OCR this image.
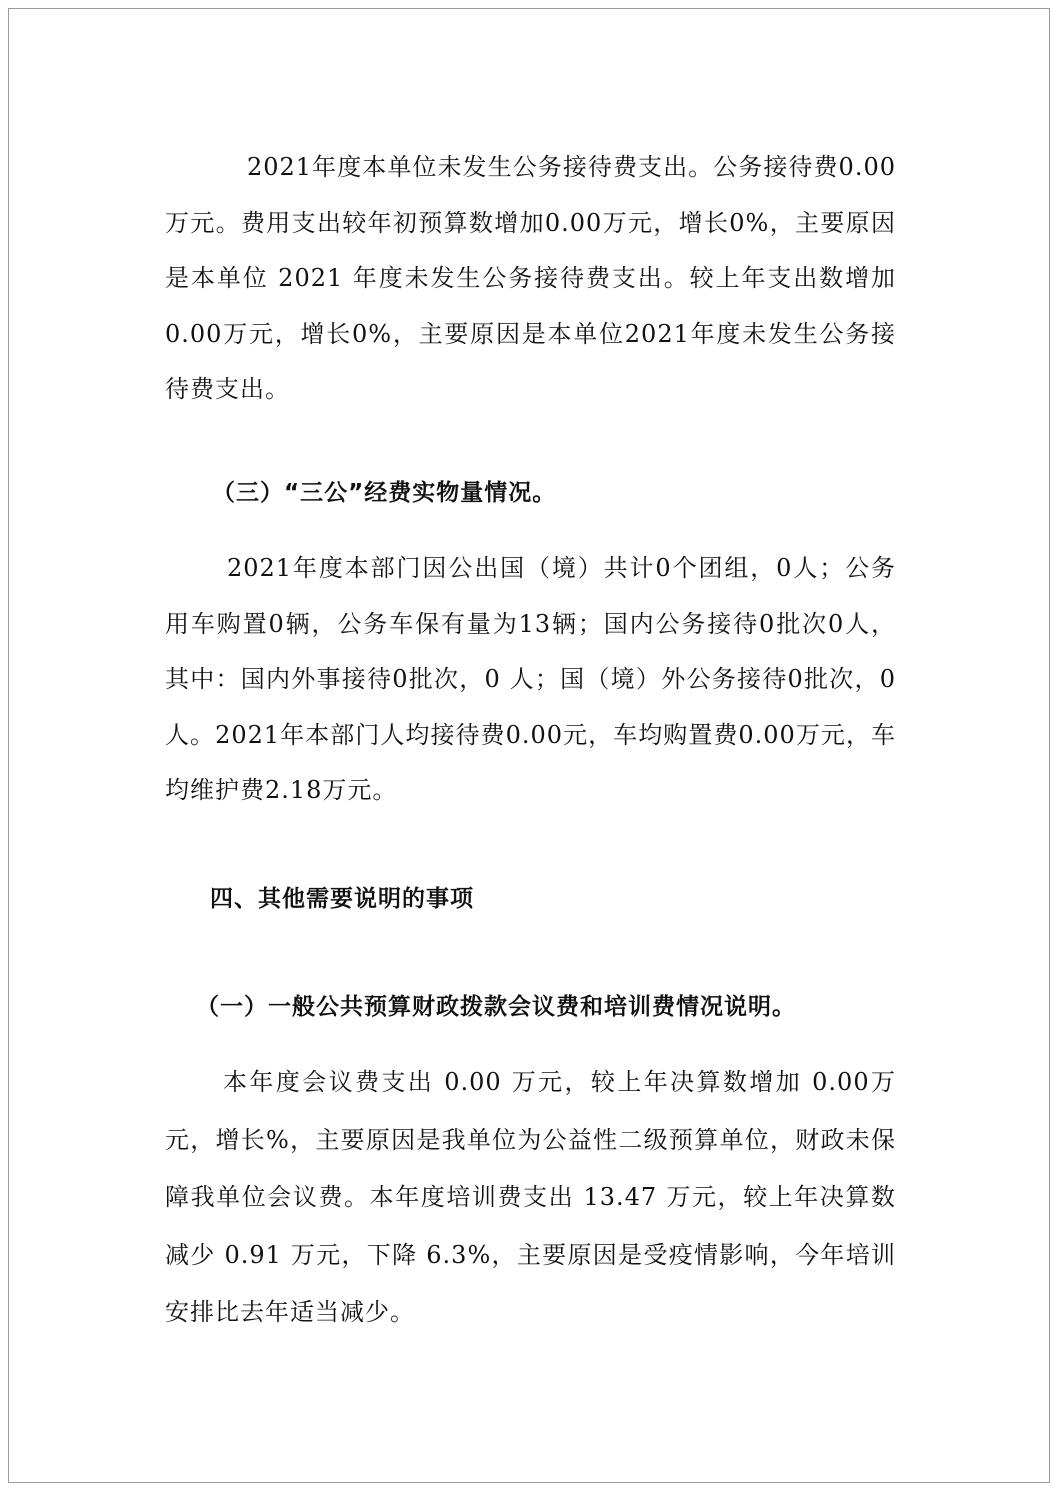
2021年度本单位未发生公务接待费支出。公务接待费0.00万元。费用支出较年初预算数增加0.00万元，增长0%，主要原因是本单位 2021 年度未发生公务接待费支出。较上年支出数增加0.00万元，增长0%，主要原因是本单位2021年度未发生公务接待费支出。

（三）“三公”经费实物量情况。

2021年度本部门因公出国（境）共计0个团组，0人；公务用车购置0辆，公务车保有量为13辆；国内公务接待0批次0人，其中：国内外事接待0批次，0 人；国（境）外公务接待0批次，0人。2021年本部门人均接待费0.00元，车均购置费0.00万元，车均维护费2.18万元。

四、其他需要说明的事项
（一）一般公共预算财政拨款会议费和培训费情况说明。

本年度会议费支出 0.00 万元，较上年决算数增加 0.00万元，增长%，主要原因是我单位为公益性二级预算单位，财政未保障我单位会议费。本年度培训费支出 13.47 万元，较上年决算数减少 0.91 万元，下降 6.3%，主要原因是受疫情影响，今年培训安排比去年适当减少。
